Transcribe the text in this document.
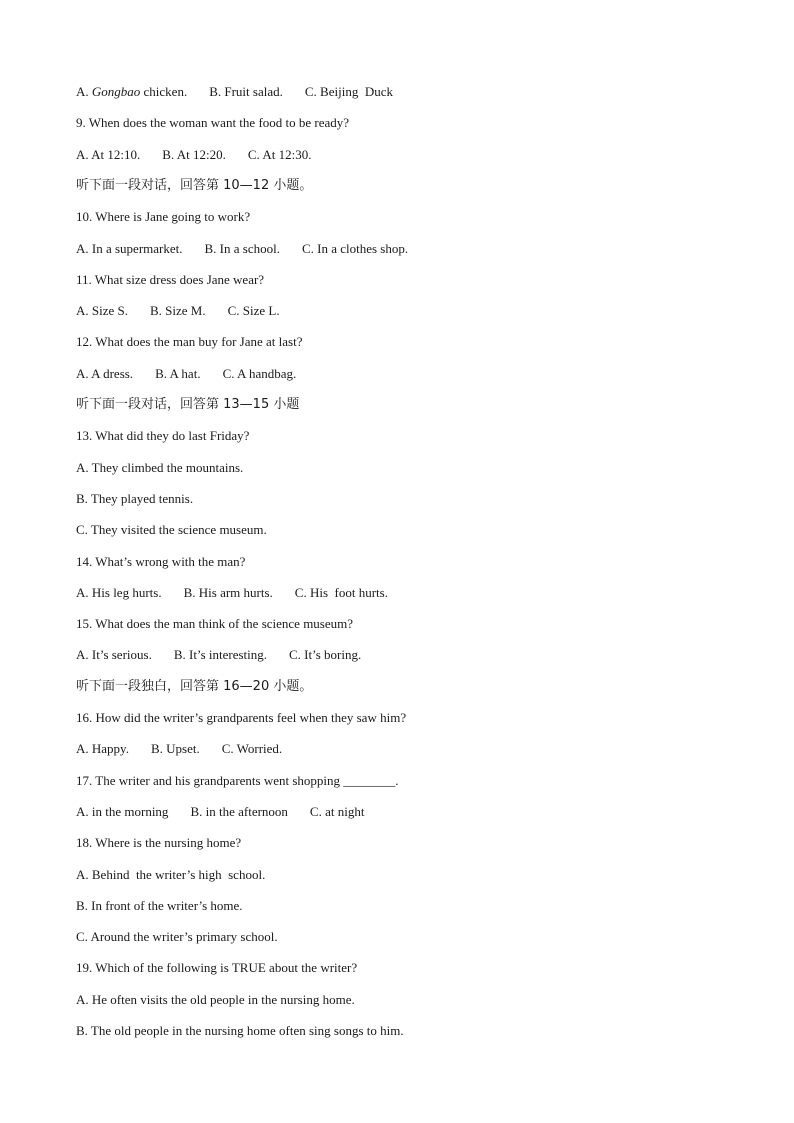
A. Gongbao chicken. B. Fruit salad. C. Beijing  Duck
9. When does the woman want the food to be ready?
A. At 12:10. B. At 12:20. C. At 12:30.
听下面一段对话，回答第 10—12 小题。
10. Where is Jane going to work?
A. In a supermarket. B. In a school. C. In a clothes shop.
11. What size dress does Jane wear?
A. Size S. B. Size M. C. Size L.
12. What does the man buy for Jane at last?
A. A dress. B. A hat. C. A handbag.
听下面一段对话，回答第 13—15 小题
13. What did they do last Friday?
A. They climbed the mountains.
B. They played tennis.
C. They visited the science museum.
14. What’s wrong with the man?
A. His leg hurts. B. His arm hurts. C. His  foot hurts.
15. What does the man think of the science museum?
A. It’s serious. B. It’s interesting. C. It’s boring.
听下面一段独白，回答第 16—20 小题。
16. How did the writer’s grandparents feel when they saw him?
A. Happy. B. Upset. C. Worried.
17. The writer and his grandparents went shopping ________.
A. in the morning B. in the afternoon C. at night
18. Where is the nursing home?
A. Behind  the writer’s high  school.
B. In front of the writer’s home.
C. Around the writer’s primary school.
19. Which of the following is TRUE about the writer?
A. He often visits the old people in the nursing home.
B. The old people in the nursing home often sing songs to him.
